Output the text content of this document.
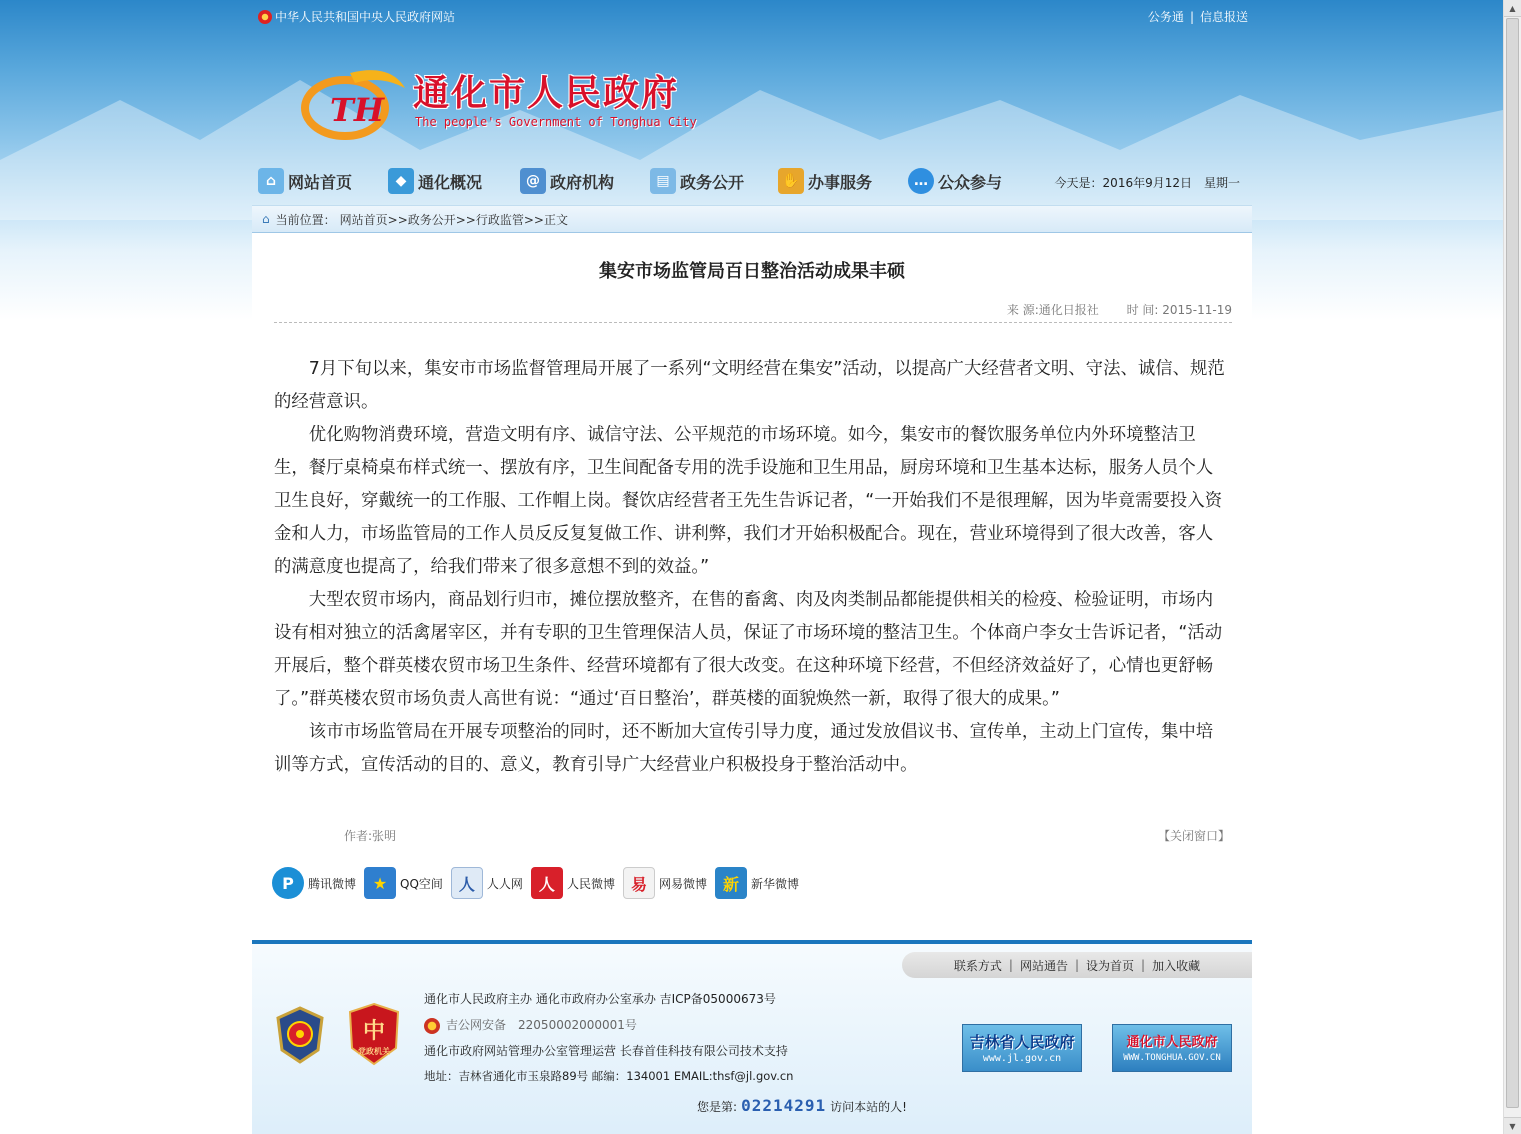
▲
▼
中华人民共和国中央人民政府网站	公务通 | 信息报送
TH 通化市人民政府
The people's Government of Tonghua City
⌂ 网站首页	◆ 通化概况	@ 政府机构	▤ 政务公开	✋ 办事服务	… 公众参与	今天是：2016年9月12日　星期一
⌂ 当前位置： 网站首页>>政务公开>>行政监管>>正文
集安市场监管局百日整治活动成果丰硕
来 源:通化日报社 时 间: 2015-11-19

7月下旬以来，集安市市场监督管理局开展了一系列“文明经营在集安”活动，以提高广大经营者文明、守法、诚信、规范的经营意识。

优化购物消费环境，营造文明有序、诚信守法、公平规范的市场环境。如今，集安市的餐饮服务单位内外环境整洁卫生，餐厅桌椅桌布样式统一、摆放有序，卫生间配备专用的洗手设施和卫生用品，厨房环境和卫生基本达标，服务人员个人卫生良好，穿戴统一的工作服、工作帽上岗。餐饮店经营者王先生告诉记者，“一开始我们不是很理解，因为毕竟需要投入资金和人力，市场监管局的工作人员反反复复做工作、讲利弊，我们才开始积极配合。现在，营业环境得到了很大改善，客人的满意度也提高了，给我们带来了很多意想不到的效益。”

大型农贸市场内，商品划行归市，摊位摆放整齐，在售的畜禽、肉及肉类制品都能提供相关的检疫、检验证明，市场内设有相对独立的活禽屠宰区，并有专职的卫生管理保洁人员，保证了市场环境的整洁卫生。个体商户李女士告诉记者，“活动开展后，整个群英楼农贸市场卫生条件、经营环境都有了很大改变。在这种环境下经营，不但经济效益好了，心情也更舒畅了。”群英楼农贸市场负责人高世有说：“通过‘百日整治’，群英楼的面貌焕然一新，取得了很大的成果。”

该市市场监管局在开展专项整治的同时，还不断加大宣传引导力度，通过发放倡议书、宣传单，主动上门宣传，集中培训等方式，宣传活动的目的、意义，教育引导广大经营业户积极投身于整治活动中。

作者:张明	【关闭窗口】
P	腾讯微博	★	QQ空间 人	人人网 人	人民微博 易	网易微博 新	新华微博
联系方式 | 网站通告 | 设为首页 | 加入收藏
中
党政机关
通化市人民政府主办 通化市政府办公室承办 吉ICP备05000673号
吉公网安备　 22050002000001号
通化市政府网站管理办公室管理运营 长春首佳科技有限公司技术支持
地址：吉林省通化市玉泉路89号 邮编：134001 EMAIL:thsf@jl.gov.cn
吉林省人民政府
www.jl.gov.cn
通化市人民政府
WWW.TONGHUA.GOV.CN
您是第: 02214291 访问本站的人!
